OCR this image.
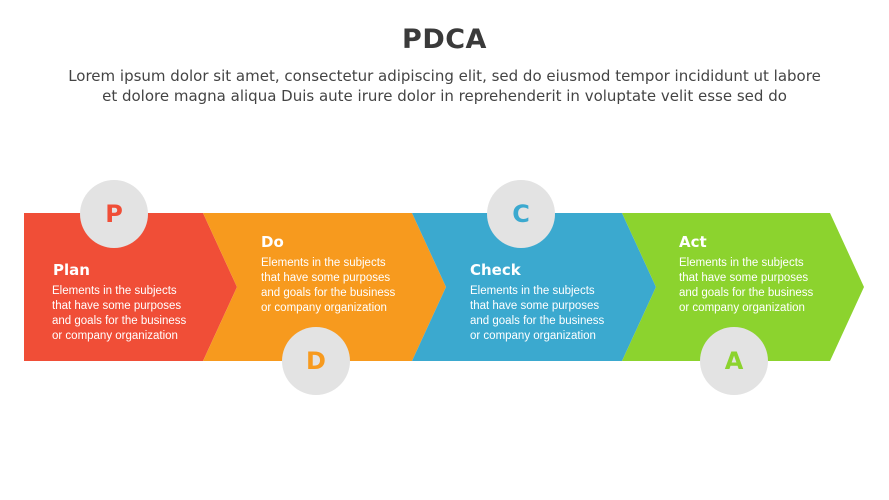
PDCA
Lorem ipsum dolor sit amet, consectetur adipiscing elit, sed do eiusmod tempor incididunt ut labore
et dolore magna aliqua Duis aute irure dolor in reprehenderit in voluptate velit esse sed do
P
Plan
Elements in the subjects
that have some purposes
and goals for the business
or company organization
D
Do
Elements in the subjects
that have some purposes
and goals for the business
or company organization
C
Check
Elements in the subjects
that have some purposes
and goals for the business
or company organization
A
Act
Elements in the subjects
that have some purposes
and goals for the business
or company organization
